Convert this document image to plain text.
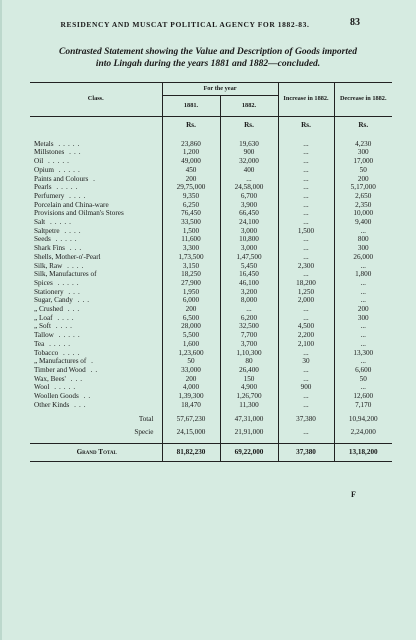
RESIDENCY AND MUSCAT POLITICAL AGENCY FOR 1882-83.	83
Contrasted Statement showing the Value and Description of Goods imported
into Lingah during the years 1881 and 1882—concluded.
Class.	For the year		Increase in 1882.	Decrease in 1882.
	1881.	1882.		
	Rs.	Rs.	Rs.	Rs.
Metals .....	23,860	19,630	...	4,230
Millstones ...	1,200	900	...	300
Oil .....	49,000	32,000	...	17,000
Opium .....	450	400	...	50
Paints and Colours .	200	...	...	200
Pearls .....	29,75,000	24,58,000	...	5,17,000
Perfumery ....	9,350	6,700	...	2,650
Porcelain and China-ware	6,250	3,900	...	2,350
Provisions and Oilman's Stores	76,450	66,450	...	10,000
Salt .....	33,500	24,100	...	9,400
Saltpetre ....	1,500	3,000	1,500	...
Seeds .....	11,600	10,800	...	800
Shark Fins ...	3,300	3,000	...	300
Shells, Mother-o'-Pearl	1,73,500	1,47,500	...	26,000
Silk, Raw ....	3,150	5,450	2,300	...
Silk, Manufactures of	18,250	16,450	...	1,800
Spices .....	27,900	46,100	18,200	...
Stationery ...	1,950	3,200	1,250	...
Sugar, Candy ...	6,000	8,000	2,000	...
„ Crushed ...	200	...	...	200
„ Loaf ....	6,500	6,200	...	300
„ Soft ....	28,000	32,500	4,500	...
Tallow .....	5,500	7,700	2,200	...
Tea .....	1,600	3,700	2,100	...
Tobacco ....	1,23,600	1,10,300	...	13,300
„ Manufactures of .	50	80	30	...
Timber and Wood ..	33,000	26,400	...	6,600
Wax, Bees' ...	200	150	...	50
Wool .....	4,000	4,900	900	...
Woollen Goods ..	1,39,300	1,26,700	...	12,600
Other Kinds ...	18,470	11,300	...	7,170
Total	57,67,230	47,31,000	37,380	10,94,200
Specie	24,15,000	21,91,000	...	2,24,000
Grand Total	81,82,230	69,22,000	37,380	13,18,200
F
